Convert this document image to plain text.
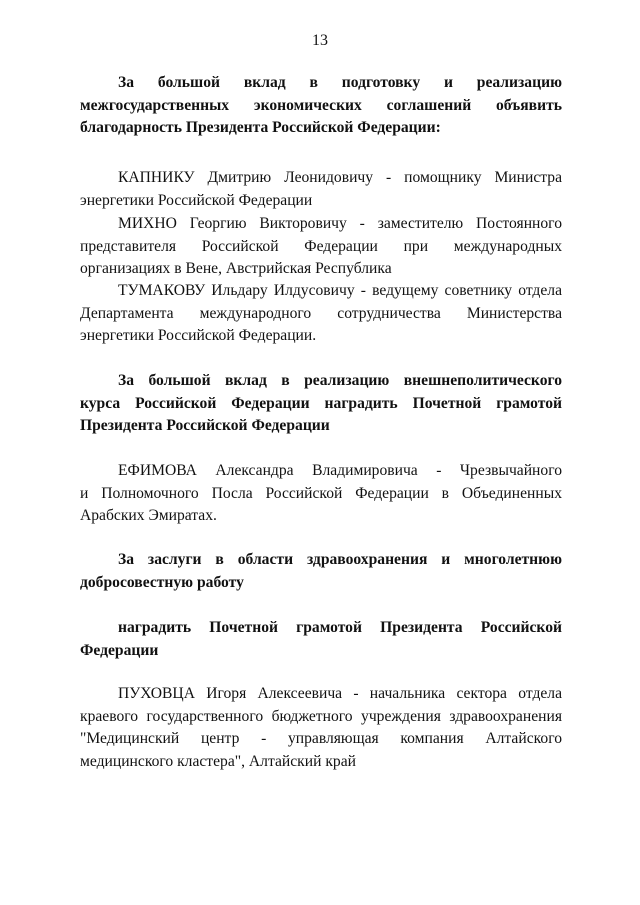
13
За большой вклад в подготовку и реализацию
межгосударственных экономических соглашений объявить
благодарность Президента Российской Федерации:
КАПНИКУ Дмитрию Леонидовичу - помощнику Министра
энергетики Российской Федерации
МИХНО Георгию Викторовичу - заместителю Постоянного
представителя Российской Федерации при международных
организациях в Вене, Австрийская Республика
ТУМАКОВУ Ильдару Илдусовичу - ведущему советнику отдела
Департамента международного сотрудничества Министерства
энергетики Российской Федерации.
За большой вклад в реализацию внешнеполитического
курса Российской Федерации наградить Почетной грамотой
Президента Российской Федерации
ЕФИМОВА Александра Владимировича - Чрезвычайного
и Полномочного Посла Российской Федерации в Объединенных
Арабских Эмиратах.
За заслуги в области здравоохранения и многолетнюю
добросовестную работу
наградить Почетной грамотой Президента Российской
Федерации
ПУХОВЦА Игоря Алексеевича - начальника сектора отдела
краевого государственного бюджетного учреждения здравоохранения
"Медицинский центр - управляющая компания Алтайского
медицинского кластера", Алтайский край
